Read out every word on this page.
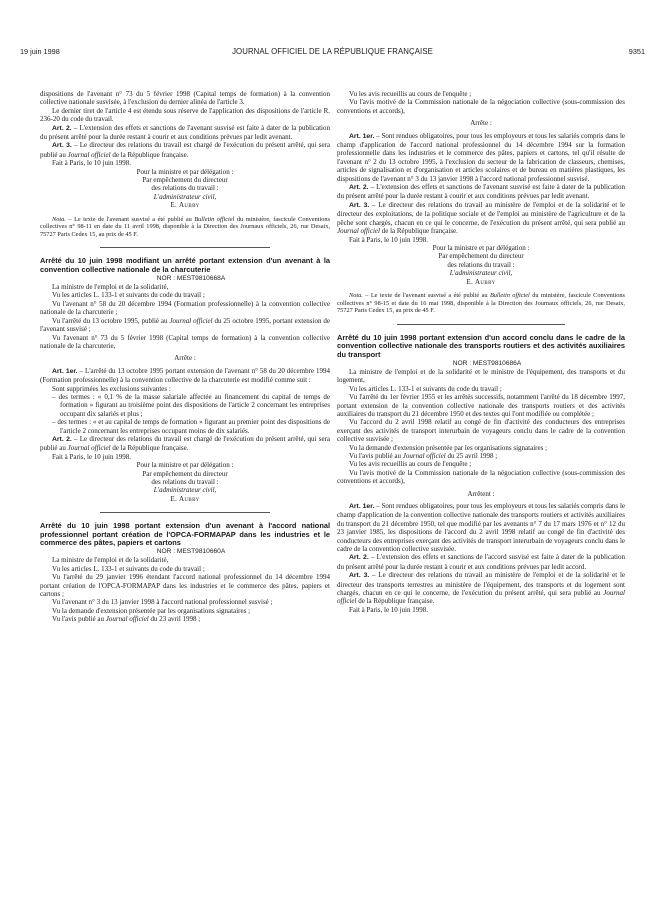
19 juin 1998	JOURNAL OFFICIEL DE LA RÉPUBLIQUE FRANÇAISE	9351

dispositions de l'avenant n° 73 du 5 février 1998 (Capital temps de formation) à la convention collective nationale susvisée, à l'exclusion du dernier alinéa de l'article 3.

Le dernier tiret de l'article 4 est étendu sous réserve de l'application des dispositions de l'article R. 236-20 du code du travail.

Art. 2. – L'extension des effets et sanctions de l'avenant susvisé est faite à dater de la publication du présent arrêté pour la durée restant à courir et aux conditions prévues par ledit avenant.

Art. 3. – Le directeur des relations du travail est chargé de l'exécution du présent arrêté, qui sera publié au Journal officiel de la République française.

Fait à Paris, le 10 juin 1998.

Pour la ministre et par délégation :

Par empêchement du directeur

des relations du travail :

L'administrateur civil,

E. Aubry

Nota. – Le texte de l'avenant susvisé a été publié au Bulletin officiel du ministère, fascicule Conventions collectives n° 98-11 en date du 11 avril 1998, disponible à la Direction des Journaux officiels, 26, rue Desaix, 75727 Paris Cedex 15, au prix de 45 F.

Arrêté du 10 juin 1998 modifiant un arrêté portant extension d'un avenant à la convention collective nationale de la charcuterie

NOR : MEST9810668A

La ministre de l'emploi et de la solidarité,

Vu les articles L. 133-1 et suivants du code du travail ;

Vu l'avenant n° 58 du 20 décembre 1994 (Formation professionnelle) à la convention collective nationale de la charcuterie ;

Vu l'arrêté du 13 octobre 1995, publié au Journal officiel du 25 octobre 1995, portant extension de l'avenant susvisé ;

Vu l'avenant n° 73 du 5 février 1998 (Capital temps de formation) à la convention collective nationale de la charcuterie,

Arrête :

Art. 1er. – L'arrêté du 13 octobre 1995 portant extension de l'avenant n° 58 du 20 décembre 1994 (Formation professionnelle) à la convention collective de la charcuterie est modifié comme suit :

Sont supprimées les exclusions suivantes :

– des termes : « 0,1 % de la masse salariale affectée au financement du capital de temps de formation » figurant au troisième point des dispositions de l'article 2 concernant les entreprises occupant dix salariés et plus ;

– des termes : « et au capital de temps de formation » figurant au premier point des dispositions de l'article 2 concernant les entreprises occupant moins de dix salariés.

Art. 2. – Le directeur des relations du travail est chargé de l'exécution du présent arrêté, qui sera publié au Journal officiel de la République française.

Fait à Paris, le 10 juin 1998.

Pour la ministre et par délégation :

Par empêchement du directeur

des relations du travail :

L'administrateur civil,

E. Aubry

Arrêté du 10 juin 1998 portant extension d'un avenant à l'accord national professionnel portant création de l'OPCA-FORMAPAP dans les industries et le commerce des pâtes, papiers et cartons

NOR : MEST9810660A

La ministre de l'emploi et de la solidarité,

Vu les articles L. 133-1 et suivants du code du travail ;

Vu l'arrêté du 29 janvier 1996 étendant l'accord national professionnel du 14 décembre 1994 portant création de l'OPCA-FORMAPAP dans les industries et le commerce des pâtes, papiers et cartons ;

Vu l'avenant n° 3 du 13 janvier 1998 à l'accord national professionnel susvisé ;

Vu la demande d'extension présentée par les organisations signataires ;

Vu l'avis publié au Journal officiel du 23 avril 1998 ;

Vu les avis recueillis au cours de l'enquête ;

Vu l'avis motivé de la Commission nationale de la négociation collective (sous-commission des conventions et accords),

Arrête :

Art. 1er. – Sont rendues obligatoires, pour tous les employeurs et tous les salariés compris dans le champ d'application de l'accord national professionnel du 14 décembre 1994 sur la formation professionnelle dans les industries et le commerce des pâtes, papiers et cartons, tel qu'il résulte de l'avenant n° 2 du 13 octobre 1995, à l'exclusion du secteur de la fabrication de classeurs, chemises, articles de signalisation et d'organisation et articles scolaires et de bureau en matières plastiques, les dispositions de l'avenant n° 3 du 13 janvier 1998 à l'accord national professionnel susvisé.

Art. 2. – L'extension des effets et sanctions de l'avenant susvisé est faite à dater de la publication du présent arrêté pour la durée restant à courir et aux conditions prévues par ledit avenant.

Art. 3. – Le directeur des relations du travail au ministère de l'emploi et de la solidarité et le directeur des exploitations, de la politique sociale et de l'emploi au ministère de l'agriculture et de la pêche sont chargés, chacun en ce qui le concerne, de l'exécution du présent arrêté, qui sera publié au Journal officiel de la République française.

Fait à Paris, le 10 juin 1998.

Pour la ministre et par délégation :

Par empêchement du directeur

des relations du travail :

L'administrateur civil,

E. Aubry

Nota. – Le texte de l'avenant susvisé a été publié au Bulletin officiel du ministère, fascicule Conventions collectives n° 98-15 et date du 16 mai 1998, disponible à la Direction des Journaux officiels, 26, rue Desaix, 75727 Paris Cedex 15, au prix de 45 F.

Arrêté du 10 juin 1998 portant extension d'un accord conclu dans le cadre de la convention collective nationale des transports routiers et des activités auxiliaires du transport

NOR : MEST9810686A

La ministre de l'emploi et de la solidarité et le ministre de l'équipement, des transports et du logement,

Vu les articles L. 133-1 et suivants du code du travail ;

Vu l'arrêté du 1er février 1955 et les arrêtés successifs, notamment l'arrêté du 18 décembre 1997, portant extension de la convention collective nationale des transports routiers et des activités auxiliaires du transport du 21 décembre 1950 et des textes qui l'ont modifiée ou complétée ;

Vu l'accord du 2 avril 1998 relatif au congé de fin d'activité des conducteurs des entreprises exerçant des activités de transport interurbain de voyageurs conclu dans le cadre de la convention collective susvisée ;

Vu la demande d'extension présentée par les organisations signataires ;

Vu l'avis publié au Journal officiel du 25 avril 1998 ;

Vu les avis recueillis au cours de l'enquête ;

Vu l'avis motivé de la Commission nationale de la négociation collective (sous-commission des conventions et accords),

Arrêtent :

Art. 1er. – Sont rendues obligatoires, pour tous les employeurs et tous les salariés compris dans le champ d'application de la convention collective nationale des transports routiers et activités auxiliaires du transport du 21 décembre 1950, tel que modifié par les avenants n° 7 du 17 mars 1976 et n° 12 du 23 janvier 1985, les dispositions de l'accord du 2 avril 1998 relatif au congé de fin d'activité des conducteurs des entreprises exerçant des activités de transport interurbain de voyageurs conclu dans le cadre de la convention collective susvisée.

Art. 2. – L'extension des effets et sanctions de l'accord susvisé est faite à dater de la publication du présent arrêté pour la durée restant à courir et aux conditions prévues par ledit accord.

Art. 3. – Le directeur des relations du travail au ministère de l'emploi et de la solidarité et le directeur des transports terrestres au ministère de l'équipement, des transports et du logement sont chargés, chacun en ce qui le concerne, de l'exécution du présent arrêté, qui sera publié au Journal officiel de la République française.

Fait à Paris, le 10 juin 1998.
